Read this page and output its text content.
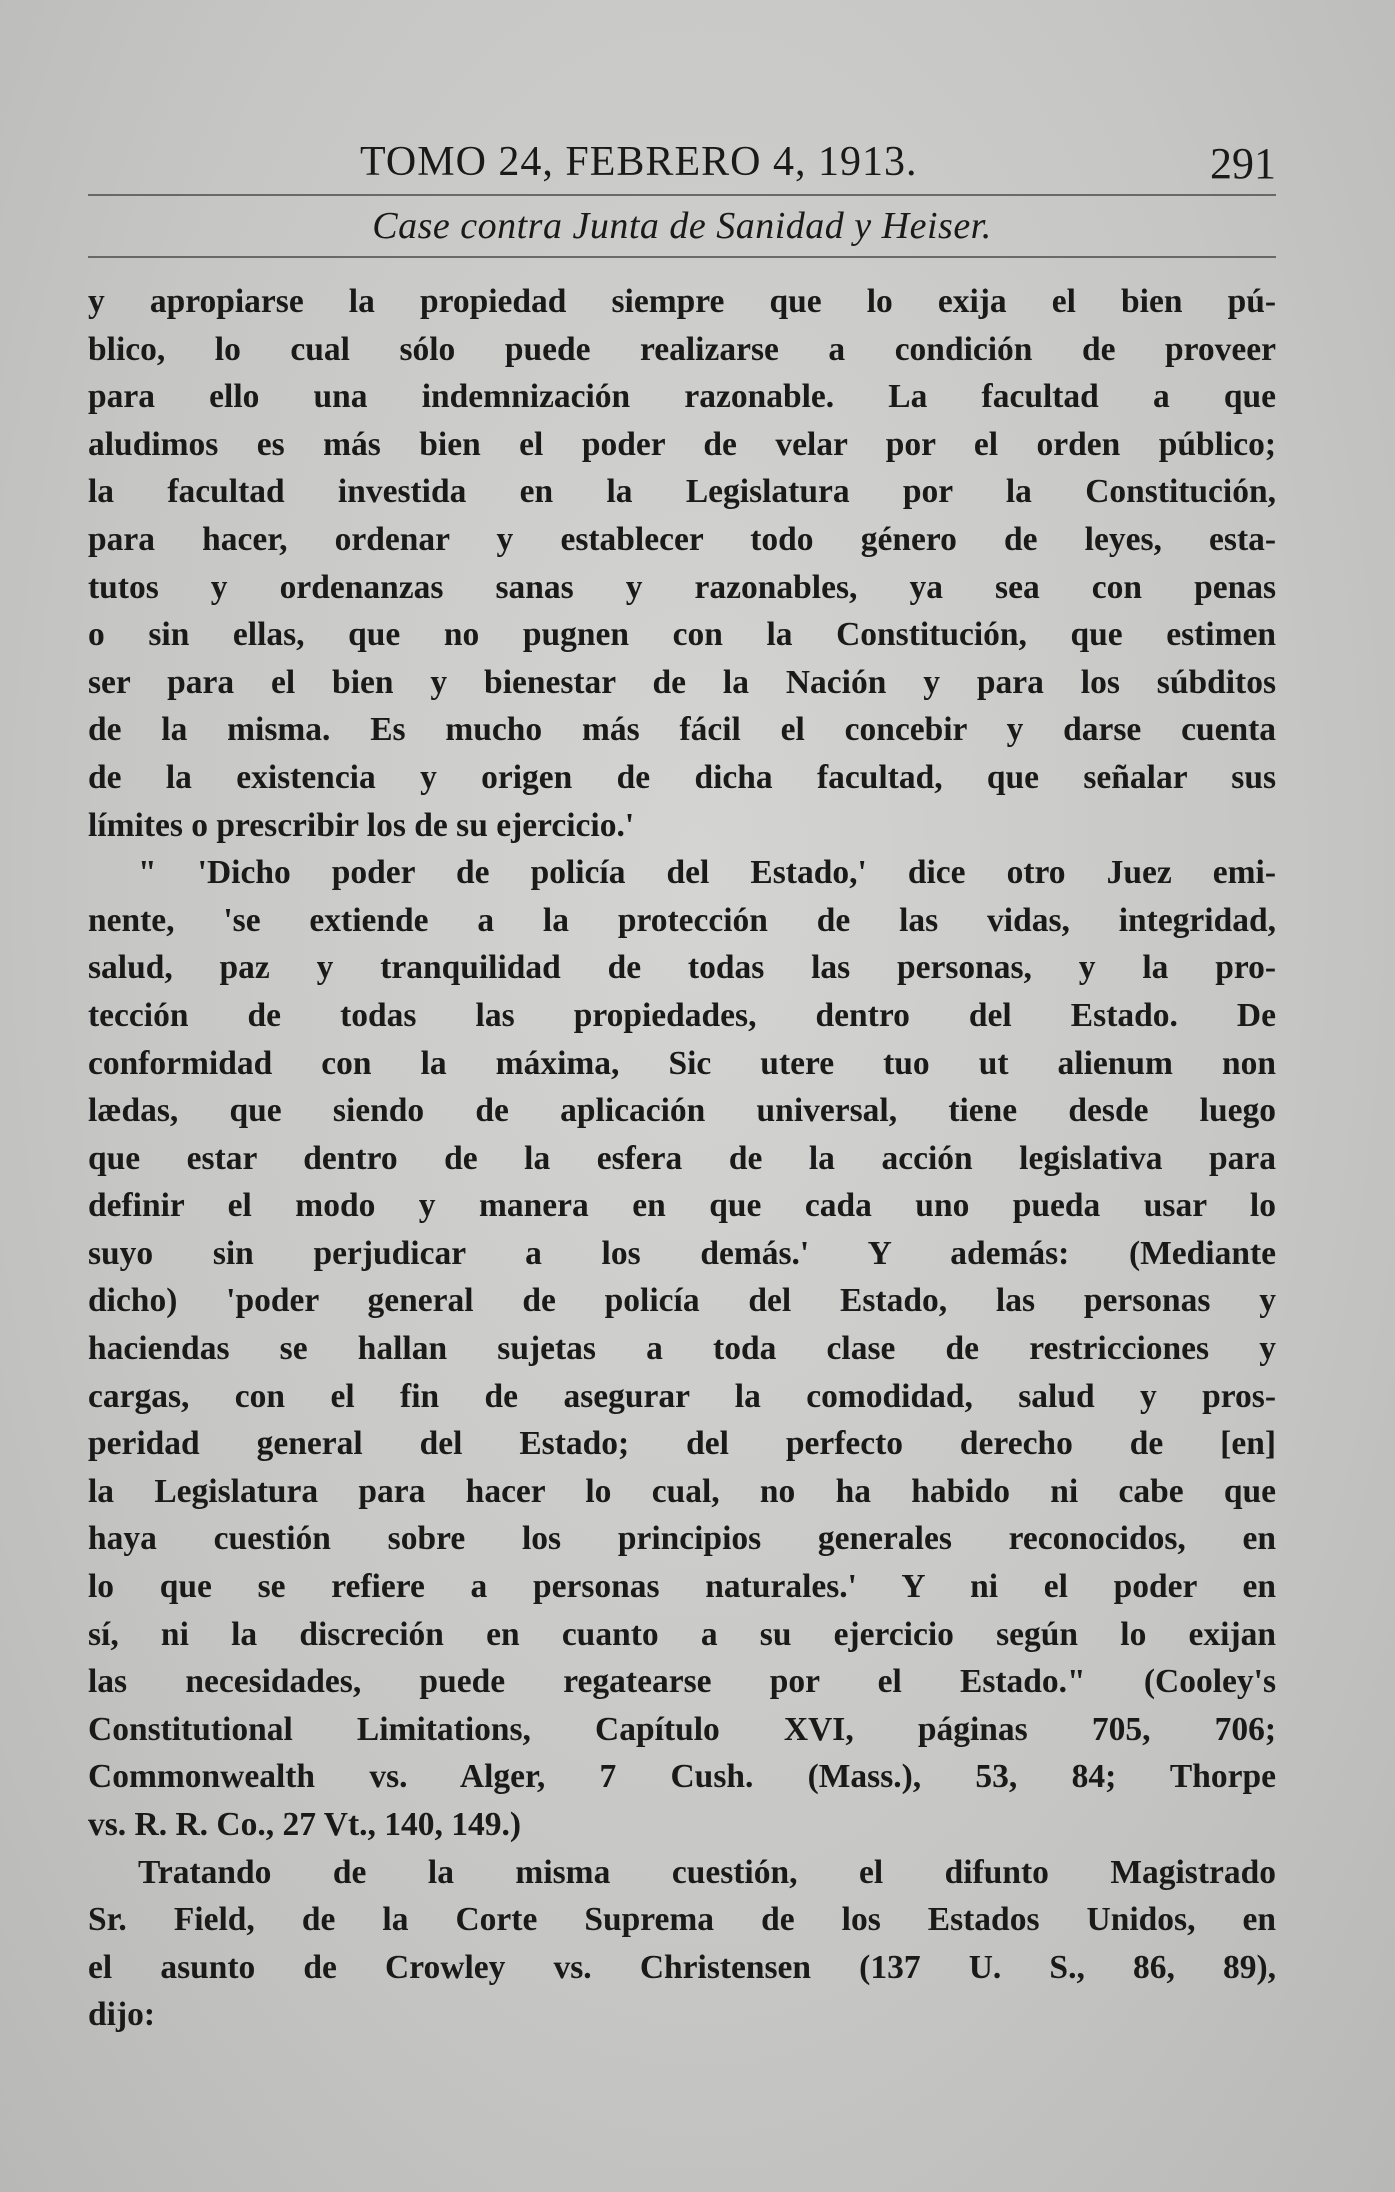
TOMO 24, FEBRERO 4, 1913.	291
Case contra Junta de Sanidad y Heiser.
y apropiarse la propiedad siempre que lo exija el bien pú-
blico, lo cual sólo puede realizarse a condición de proveer
para ello una indemnización razonable. La facultad a que
aludimos es más bien el poder de velar por el orden público;
la facultad investida en la Legislatura por la Constitución,
para hacer, ordenar y establecer todo género de leyes, esta-
tutos y ordenanzas sanas y razonables, ya sea con penas
o sin ellas, que no pugnen con la Constitución, que estimen
ser para el bien y bienestar de la Nación y para los súbditos
de la misma. Es mucho más fácil el concebir y darse cuenta
de la existencia y origen de dicha facultad, que señalar sus
límites o prescribir los de su ejercicio.'
" 'Dicho poder de policía del Estado,' dice otro Juez emi-
nente, 'se extiende a la protección de las vidas, integridad,
salud, paz y tranquilidad de todas las personas, y la pro-
tección de todas las propiedades, dentro del Estado. De
conformidad con la máxima, Sic utere tuo ut alienum non
lædas, que siendo de aplicación universal, tiene desde luego
que estar dentro de la esfera de la acción legislativa para
definir el modo y manera en que cada uno pueda usar lo
suyo sin perjudicar a los demás.' Y además: (Mediante
dicho) 'poder general de policía del Estado, las personas y
haciendas se hallan sujetas a toda clase de restricciones y
cargas, con el fin de asegurar la comodidad, salud y pros-
peridad general del Estado; del perfecto derecho de [en]
la Legislatura para hacer lo cual, no ha habido ni cabe que
haya cuestión sobre los principios generales reconocidos, en
lo que se refiere a personas naturales.' Y ni el poder en
sí, ni la discreción en cuanto a su ejercicio según lo exijan
las necesidades, puede regatearse por el Estado." (Cooley's
Constitutional Limitations, Capítulo XVI, páginas 705, 706;
Commonwealth vs. Alger, 7 Cush. (Mass.), 53, 84; Thorpe
vs. R. R. Co., 27 Vt., 140, 149.)
Tratando de la misma cuestión, el difunto Magistrado
Sr. Field, de la Corte Suprema de los Estados Unidos, en
el asunto de Crowley vs. Christensen (137 U. S., 86, 89),
dijo:
